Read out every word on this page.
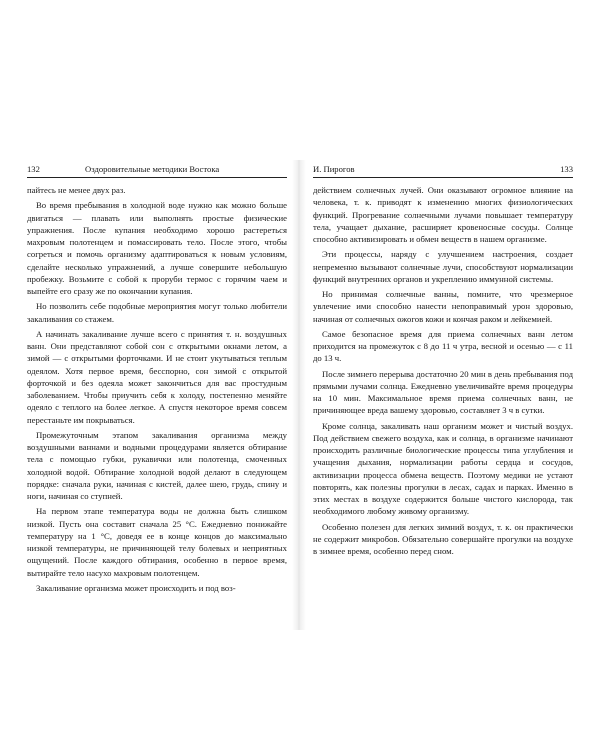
132	Оздоровительные методики Востока

пайтесь не менее двух раз.

Во время пребывания в холодной воде нужно как можно больше двигаться — плавать или выполнять простые физические упражнения. После купания необходимо хорошо растереться махровым полотенцем и помассировать тело. После этого, чтобы согреться и помочь организму адаптироваться к новым условиям, сделайте несколько упражнений, а лучше совершите небольшую пробежку. Возьмите с собой к проруби термос с горячим чаем и выпейте его сразу же по окончании купания.

Но позволить себе подобные мероприятия могут только любители закаливания со стажем.

А начинать закаливание лучше всего с принятия т. н. воздушных ванн. Они представляют собой сон с открытыми окнами летом, а зимой — с открытыми форточками. И не стоит укутываться теплым одеялом. Хотя первое время, бесспорно, сон зимой с открытой форточкой и без одеяла может закончиться для вас простудным заболеванием. Чтобы приучить себя к холоду, постепенно меняйте одеяло с теплого на более легкое. А спустя некоторое время совсем перестаньте им покрываться.

Промежуточным этапом закаливания организма между воздушными ваннами и водными процедурами является обтирание тела с помощью губки, рукавички или полотенца, смоченных холодной водой. Обтирание холодной водой делают в следующем порядке: сначала руки, начиная с кистей, далее шею, грудь, спину и ноги, начиная со ступней.

На первом этапе температура воды не должна быть слишком низкой. Пусть она составит сначала 25 °С. Ежедневно понижайте температуру на 1 °С, доведя ее в конце концов до максимально низкой температуры, не причиняющей телу болевых и неприятных ощущений. После каждого обтирания, особенно в первое время, вытирайте тело насухо махровым полотенцем.

Закаливание организма может происходить и под воз-

И. Пирогов	133

действием солнечных лучей. Они оказывают огромное влияние на человека, т. к. приводят к изменению многих физиологических функций. Прогревание солнечными лучами повышает температуру тела, учащает дыхание, расширяет кровеносные сосуды. Солнце способно активизировать и обмен веществ в нашем организме.

Эти процессы, наряду с улучшением настроения, создает непременно вызывают солнечные лучи, способствуют нормализации функций внутренних органов и укреплению иммунной системы.

Но принимая солнечные ванны, помните, что чрезмерное увлечение ими способно нанести непоправимый урон здоровью, начиная от солнечных ожогов кожи и кончая раком и лейкемией.

Самое безопасное время для приема солнечных ванн летом приходится на промежуток с 8 до 11 ч утра, весной и осенью — с 11 до 13 ч.

После зимнего перерыва достаточно 20 мин в день пребывания под прямыми лучами солнца. Ежедневно увеличивайте время процедуры на 10 мин. Максимальное время приема солнечных ванн, не причиняющее вреда вашему здоровью, составляет 3 ч в сутки.

Кроме солнца, закаливать наш организм может и чистый воздух. Под действием свежего воздуха, как и солнца, в организме начинают происходить различные биологические процессы типа углубления и учащения дыхания, нормализации работы сердца и сосудов, активизации процесса обмена веществ. Поэтому медики не устают повторять, как полезны прогулки в лесах, садах и парках. Именно в этих местах в воздухе содержится больше чистого кислорода, так необходимого любому живому организму.

Особенно полезен для легких зимний воздух, т. к. он практически не содержит микробов. Обязательно совершайте прогулки на воздухе в зимнее время, особенно перед сном.
